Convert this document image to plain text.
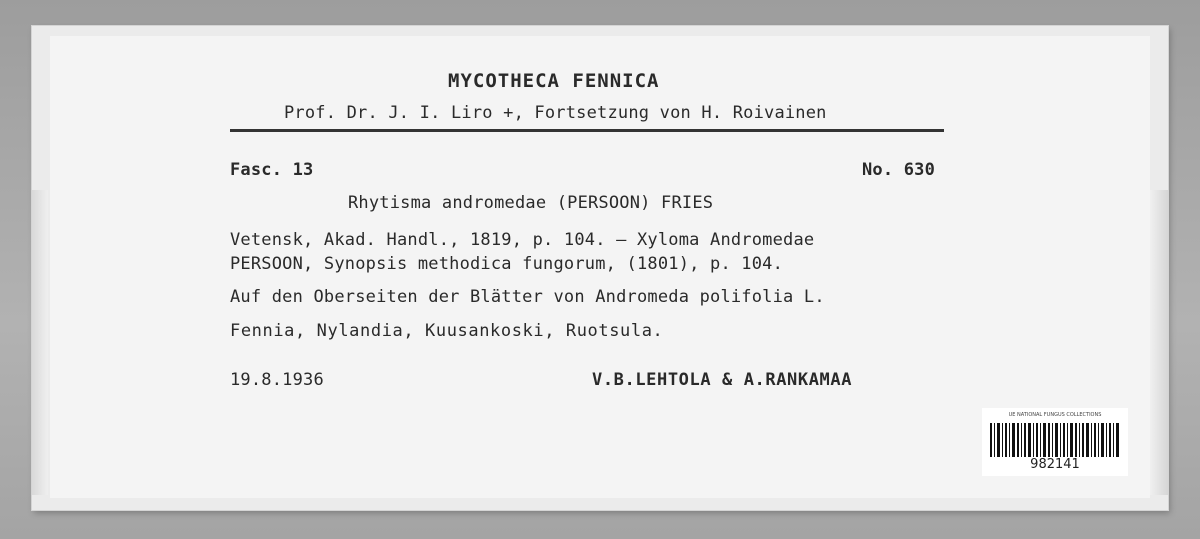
MYCOTHECA FENNICA
Prof. Dr. J. I. Liro +, Fortsetzung von H. Roivainen
Fasc. 13	No. 630
Rhytisma andromedae (PERSOON) FRIES
Vetensk, Akad. Handl., 1819, p. 104. – Xyloma Andromedae
PERSOON, Synopsis methodica fungorum, (1801), p. 104.
Auf den Oberseiten der Blätter von Andromeda polifolia L.
Fennia, Nylandia, Kuusankoski, Ruotsula.
19.8.1936	V.B.LEHTOLA & A.RANKAMAA
UE NATIONAL FUNGUS COLLECTIONS
982141
